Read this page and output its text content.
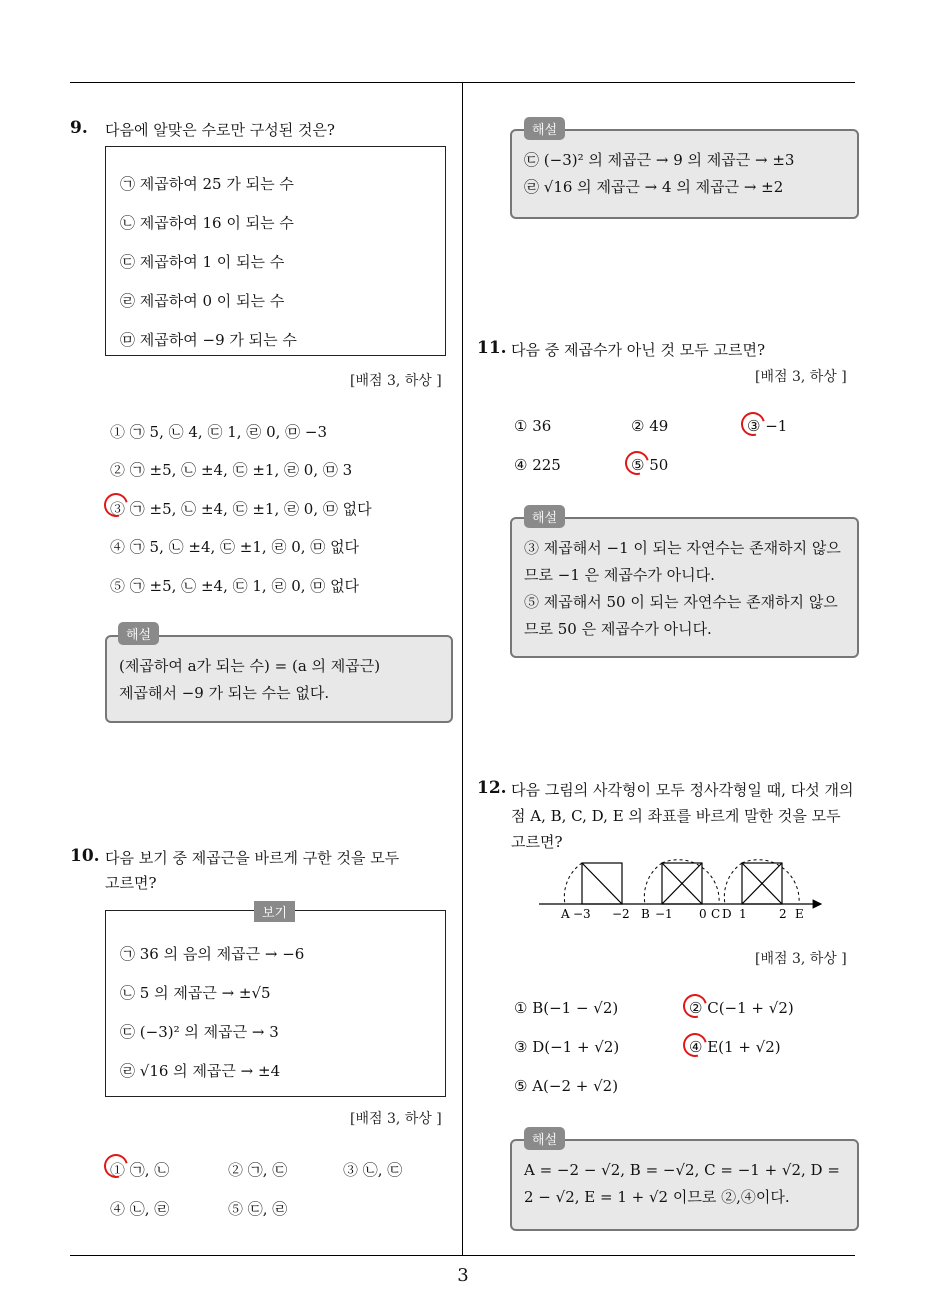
9. 다음에 알맞은 수로만 구성된 것은?
㉠ 제곱하여 25 가 되는 수
㉡ 제곱하여 16 이 되는 수
㉢ 제곱하여 1 이 되는 수
㉣ 제곱하여 0 이 되는 수
㉤ 제곱하여 −9 가 되는 수
[배점 3, 하상 ]
① ㉠ 5, ㉡ 4, ㉢ 1, ㉣ 0, ㉤ −3
② ㉠ ±5, ㉡ ±4, ㉢ ±1, ㉣ 0, ㉤ 3
③ ㉠ ±5, ㉡ ±4, ㉢ ±1, ㉣ 0, ㉤ 없다
④ ㉠ 5, ㉡ ±4, ㉢ ±1, ㉣ 0, ㉤ 없다
⑤ ㉠ ±5, ㉡ ±4, ㉢ 1, ㉣ 0, ㉤ 없다
(제곱하여 a가 되는 수) = (a 의 제곱근)
제곱해서 −9 가 되는 수는 없다.
해설
10. 다음 보기 중 제곱근을 바르게 구한 것을 모두
고르면?
㉠ 36 의 음의 제곱근 → −6
㉡ 5 의 제곱근 → ±√5
㉢ (−3)² 의 제곱근 → 3
㉣ √16 의 제곱근 → ±4
보기
[배점 3, 하상 ]
① ㉠, ㉡	② ㉠, ㉢	③ ㉡, ㉢
④ ㉡, ㉣	⑤ ㉢, ㉣
㉢ (−3)² 의 제곱근 → 9 의 제곱근 → ±3
㉣ √16 의 제곱근 → 4 의 제곱근 → ±2
해설
11. 다음 중 제곱수가 아닌 것 모두 고르면?
[배점 3, 하상 ]
① 36	② 49	③ −1
④ 225	⑤ 50
③ 제곱해서 −1 이 되는 자연수는 존재하지 않으
므로 −1 은 제곱수가 아니다.
⑤ 제곱해서 50 이 되는 자연수는 존재하지 않으
므로 50 은 제곱수가 아니다.
해설
12. 다음 그림의 사각형이 모두 정사각형일 때, 다섯 개의
점 A, B, C, D, E 의 좌표를 바르게 말한 것을 모두
고르면?
A −3 −2 B −1 0 C D 1	2 E
[배점 3, 하상 ]
① B(−1 − √2)	② C(−1 + √2)
③ D(−1 + √2)	④ E(1 + √2)
⑤ A(−2 + √2)
A = −2 − √2, B = −√2, C = −1 + √2, D =
2 − √2, E = 1 + √2 이므로 ②,④이다.
해설
3
